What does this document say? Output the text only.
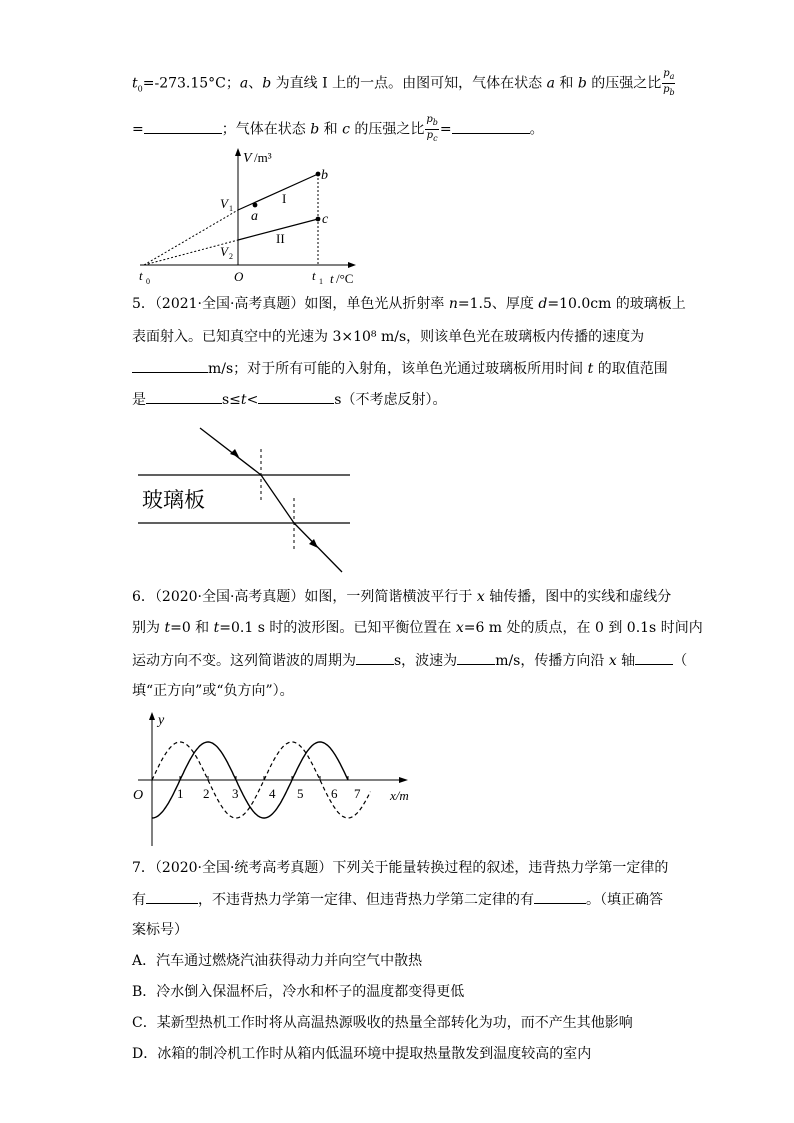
$t_0=-273.15^\circ C$；a、b 为直线 I 上的一点。由图可知，气体在状态 a 和 b 的压强之比 $\frac{p_a}{p_b}$
=	；气体在状态 b 和 c 的压强之比 $\frac{p_b}{p_c}$ =	。
V /m³
V 1
V 2
a
b
c
I
II
t 0	O	t 1 t /°C
5．（2021·全国·高考真题）如图，单色光从折射率 n=1.5、厚度 d=10.0cm 的玻璃板上
表面射入。已知真空中的光速为 3×10⁸ m/s，则该单色光在玻璃板内传播的速度为
m/s；对于所有可能的入射角，该单色光通过玻璃板所用时间 t 的取值范围
是	s≤t<	s（不考虑反射）。
玻璃板
6．（2020·全国·高考真题）如图，一列简谐横波平行于 x 轴传播，图中的实线和虚线分
别为 t=0 和 t=0.1 s 时的波形图。已知平衡位置在 x=6 m 处的质点，在 0 到 0.1s 时间内
运动方向不变。这列简谐波的周期为	s，波速为	m/s，传播方向沿 x 轴	（
填“正方向”或“负方向”）。
y
O	1 2 3 4 5 6 7 x/m
7．（2020·全国·统考高考真题）下列关于能量转换过程的叙述，违背热力学第一定律的
有	，不违背热力学第一定律、但违背热力学第二定律的有	。（填正确答
案标号）
A．汽车通过燃烧汽油获得动力并向空气中散热
B．冷水倒入保温杯后，冷水和杯子的温度都变得更低
C．某新型热机工作时将从高温热源吸收的热量全部转化为功，而不产生其他影响
D．冰箱的制冷机工作时从箱内低温环境中提取热量散发到温度较高的室内
